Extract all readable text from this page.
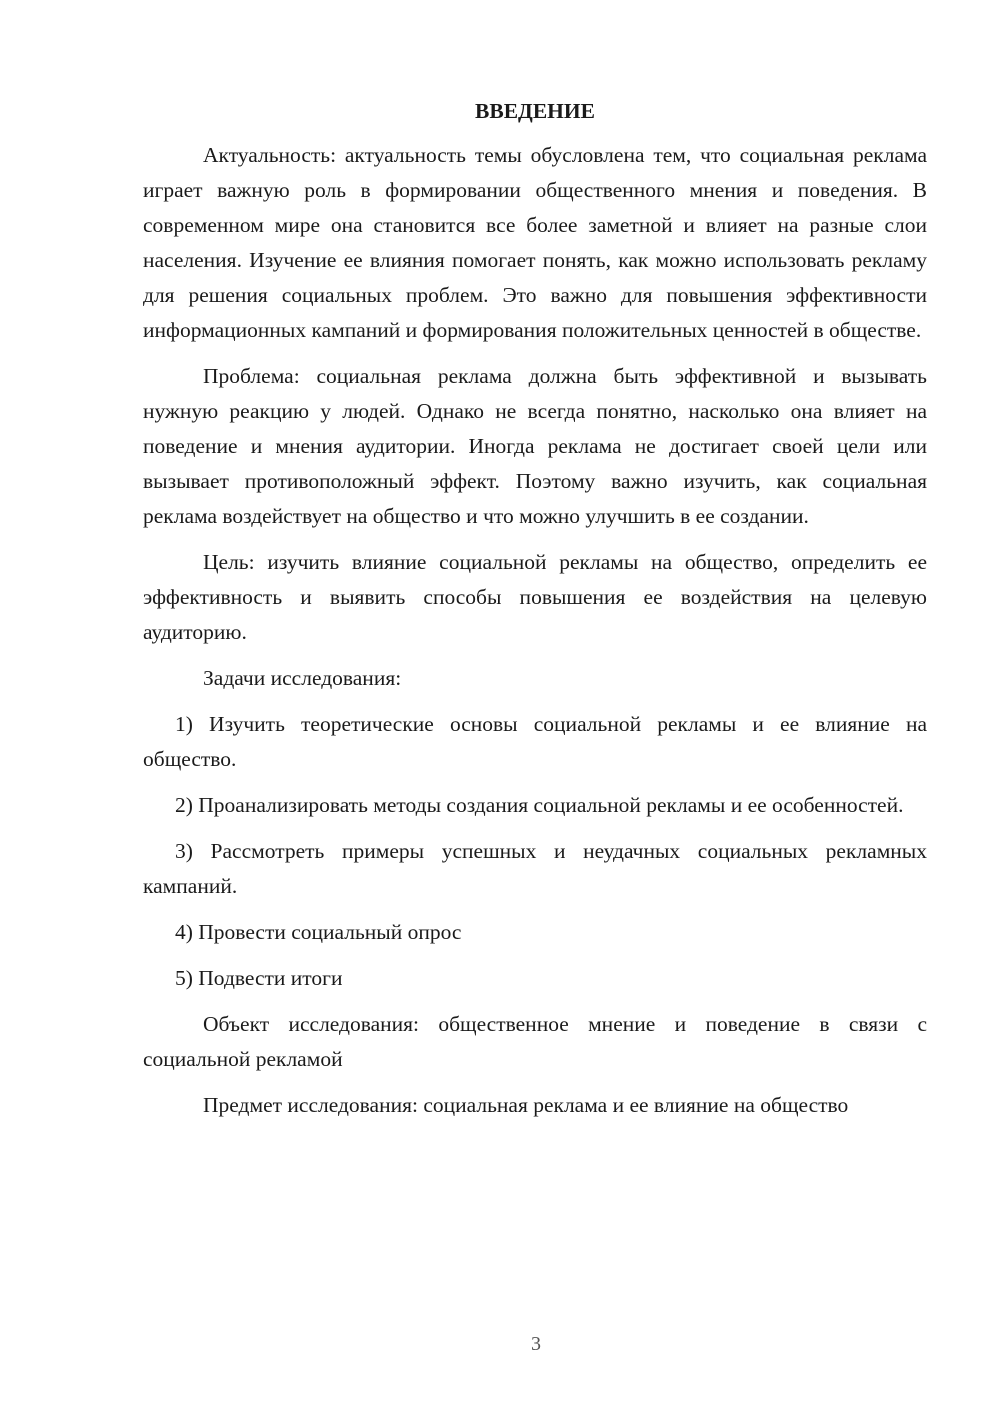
ВВЕДЕНИЕ

Актуальность: актуальность темы обусловлена тем, что социальная реклама играет важную роль в формировании общественного мнения и поведения. В современном мире она становится все более заметной и влияет на разные слои населения. Изучение ее влияния помогает понять, как можно использовать рекламу для решения социальных проблем. Это важно для повышения эффективности информационных кампаний и формирования положительных ценностей в обществе.

Проблема: социальная реклама должна быть эффективной и вызывать нужную реакцию у людей. Однако не всегда понятно, насколько она влияет на поведение и мнения аудитории. Иногда реклама не достигает своей цели или вызывает противоположный эффект. Поэтому важно изучить, как социальная реклама воздействует на общество и что можно улучшить в ее создании.

Цель: изучить влияние социальной рекламы на общество, определить ее эффективность и выявить способы повышения ее воздействия на целевую аудиторию.

Задачи исследования:

1) Изучить теоретические основы социальной рекламы и ее влияние на общество.

2) Проанализировать методы создания социальной рекламы и ее особенностей.

3) Рассмотреть примеры успешных и неудачных социальных рекламных кампаний.

4) Провести социальный опрос

5) Подвести итоги

Объект исследования: общественное мнение и поведение в связи с социальной рекламой

Предмет исследования: социальная реклама и ее влияние на общество

3
